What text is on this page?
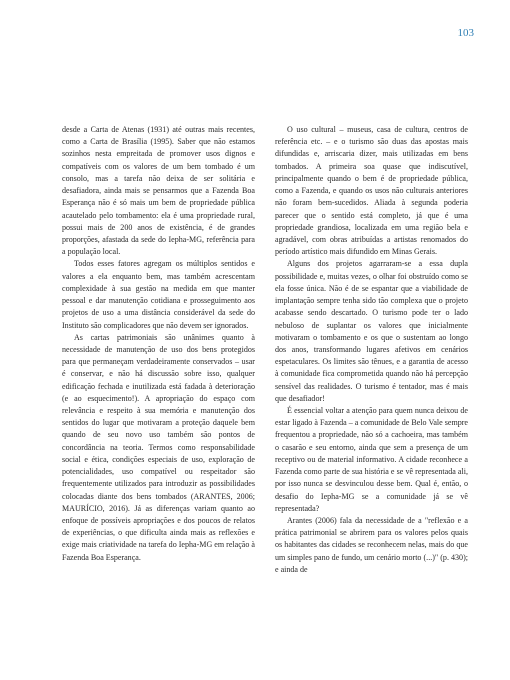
103

desde a Carta de Atenas (1931) até outras mais recentes, como a Carta de Brasília (1995). Saber que não estamos sozinhos nesta empreitada de promover usos dignos e compatíveis com os valores de um bem tombado é um consolo, mas a tarefa não deixa de ser solitária e desafiadora, ainda mais se pensarmos que a Fazenda Boa Esperança não é só mais um bem de propriedade pública acautelado pelo tombamento: ela é uma propriedade rural, possui mais de 200 anos de existência, é de grandes proporções, afastada da sede do Iepha-MG, referência para a população local.

Todos esses fatores agregam os múltiplos sentidos e valores a ela enquanto bem, mas também acrescentam complexidade à sua gestão na medida em que manter pessoal e dar manutenção cotidiana e prosseguimento aos projetos de uso a uma distância considerável da sede do Instituto são complicadores que não devem ser ignorados.

As cartas patrimoniais são unânimes quanto à necessidade de manutenção de uso dos bens protegidos para que permaneçam verdadeiramente conservados – usar é conservar, e não há discussão sobre isso, qualquer edificação fechada e inutilizada está fadada à deterioração (e ao esquecimento!). A apropriação do espaço com relevância e respeito à sua memória e manutenção dos sentidos do lugar que motivaram a proteção daquele bem quando de seu novo uso também são pontos de concordância na teoria. Termos como responsabilidade social e ética, condições especiais de uso, exploração de potencialidades, uso compatível ou respeitador são frequentemente utilizados para introduzir as possibilidades colocadas diante dos bens tombados (ARANTES, 2006; MAURÍCIO, 2016). Já as diferenças variam quanto ao enfoque de possíveis apropriações e dos poucos de relatos de experiências, o que dificulta ainda mais as reflexões e exige mais criatividade na tarefa do Iepha-MG em relação à Fazenda Boa Esperança.

O uso cultural – museus, casa de cultura, centros de referência etc. – e o turismo são duas das apostas mais difundidas e, arriscaria dizer, mais utilizadas em bens tombados. A primeira soa quase que indiscutível, principalmente quando o bem é de propriedade pública, como a Fazenda, e quando os usos não culturais anteriores não foram bem-sucedidos. Aliada à segunda poderia parecer que o sentido está completo, já que é uma propriedade grandiosa, localizada em uma região bela e agradável, com obras atribuídas a artistas renomados do período artístico mais difundido em Minas Gerais.

Alguns dos projetos agarraram-se a essa dupla possibilidade e, muitas vezes, o olhar foi obstruído como se ela fosse única. Não é de se espantar que a viabilidade de implantação sempre tenha sido tão complexa que o projeto acabasse sendo descartado. O turismo pode ter o lado nebuloso de suplantar os valores que inicialmente motivaram o tombamento e os que o sustentam ao longo dos anos, transformando lugares afetivos em cenários espetaculares. Os limites são tênues, e a garantia de acesso à comunidade fica comprometida quando não há percepção sensível das realidades. O turismo é tentador, mas é mais que desafiador!

É essencial voltar a atenção para quem nunca deixou de estar ligado à Fazenda – a comunidade de Belo Vale sempre frequentou a propriedade, não só a cachoeira, mas também o casarão e seu entorno, ainda que sem a presença de um receptivo ou de material informativo. A cidade reconhece a Fazenda como parte de sua história e se vê representada ali, por isso nunca se desvinculou desse bem. Qual é, então, o desafio do Iepha-MG se a comunidade já se vê representada?

Arantes (2006) fala da necessidade de a "reflexão e a prática patrimonial se abrirem para os valores pelos quais os habitantes das cidades se reconhecem nelas, mais do que um simples pano de fundo, um cenário morto (...)" (p. 430); e ainda de
